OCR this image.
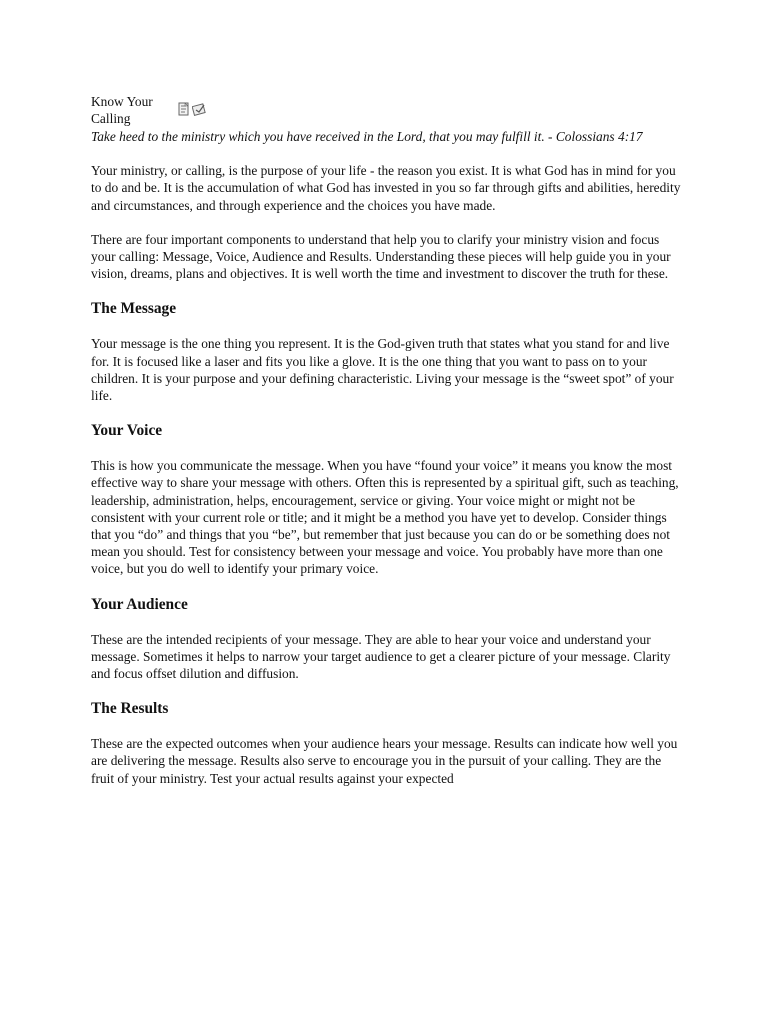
Know Your Calling

Take heed to the ministry which you have received in the Lord, that you may fulfill it. - Colossians 4:17

Your ministry, or calling, is the purpose of your life - the reason you exist. It is what God has in mind for you to do and be. It is the accumulation of what God has invested in you so far through gifts and abilities, heredity and circumstances, and through experience and the choices you have made.

There are four important components to understand that help you to clarify your ministry vision and focus your calling: Message, Voice, Audience and Results. Understanding these pieces will help guide you in your vision, dreams, plans and objectives. It is well worth the time and investment to discover the truth for these.

The Message

Your message is the one thing you represent. It is the God-given truth that states what you stand for and live for. It is focused like a laser and fits you like a glove. It is the one thing that you want to pass on to your children. It is your purpose and your defining characteristic. Living your message is the “sweet spot” of your life.

Your Voice

This is how you communicate the message. When you have “found your voice” it means you know the most effective way to share your message with others. Often this is represented by a spiritual gift, such as teaching, leadership, administration, helps, encouragement, service or giving. Your voice might or might not be consistent with your current role or title; and it might be a method you have yet to develop. Consider things that you “do” and things that you “be”, but remember that just because you can do or be something does not mean you should. Test for consistency between your message and voice. You probably have more than one voice, but you do well to identify your primary voice.

Your Audience

These are the intended recipients of your message. They are able to hear your voice and understand your message. Sometimes it helps to narrow your target audience to get a clearer picture of your message. Clarity and focus offset dilution and diffusion.

The Results

These are the expected outcomes when your audience hears your message. Results can indicate how well you are delivering the message. Results also serve to encourage you in the pursuit of your calling. They are the fruit of your ministry. Test your actual results against your expected
